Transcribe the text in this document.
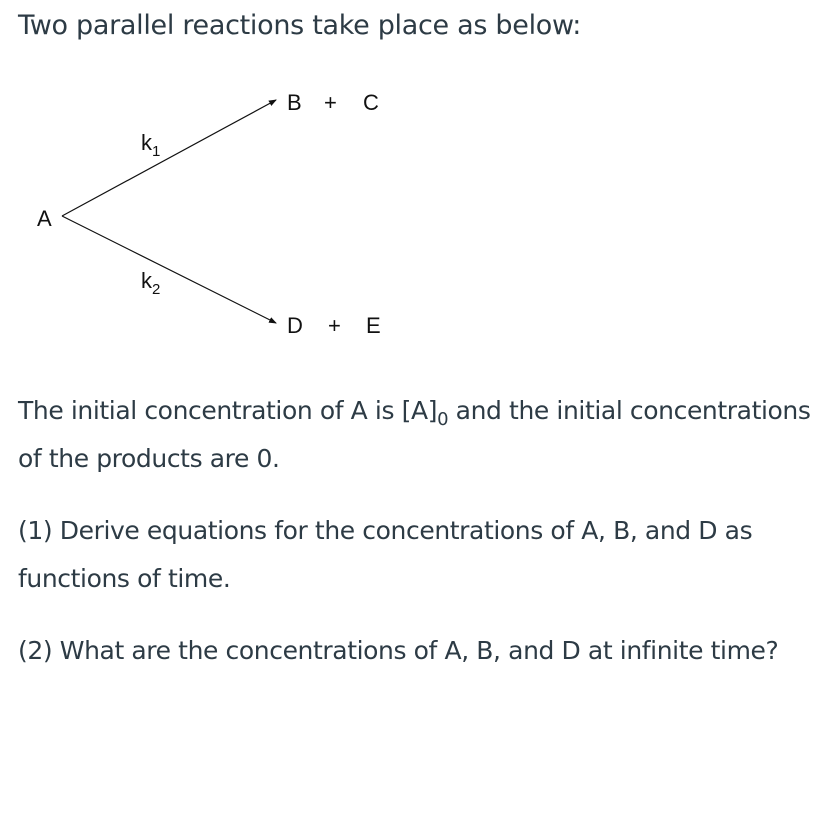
Two parallel reactions take place as below:
A
$k_1$
$k_2$
B + C
D + E

The initial concentration of A is $[A]_0$ and the initial concentrations of the products are 0.

(1) Derive equations for the concentrations of A, B, and D as functions of time.

(2) What are the concentrations of A, B, and D at infinite time?
